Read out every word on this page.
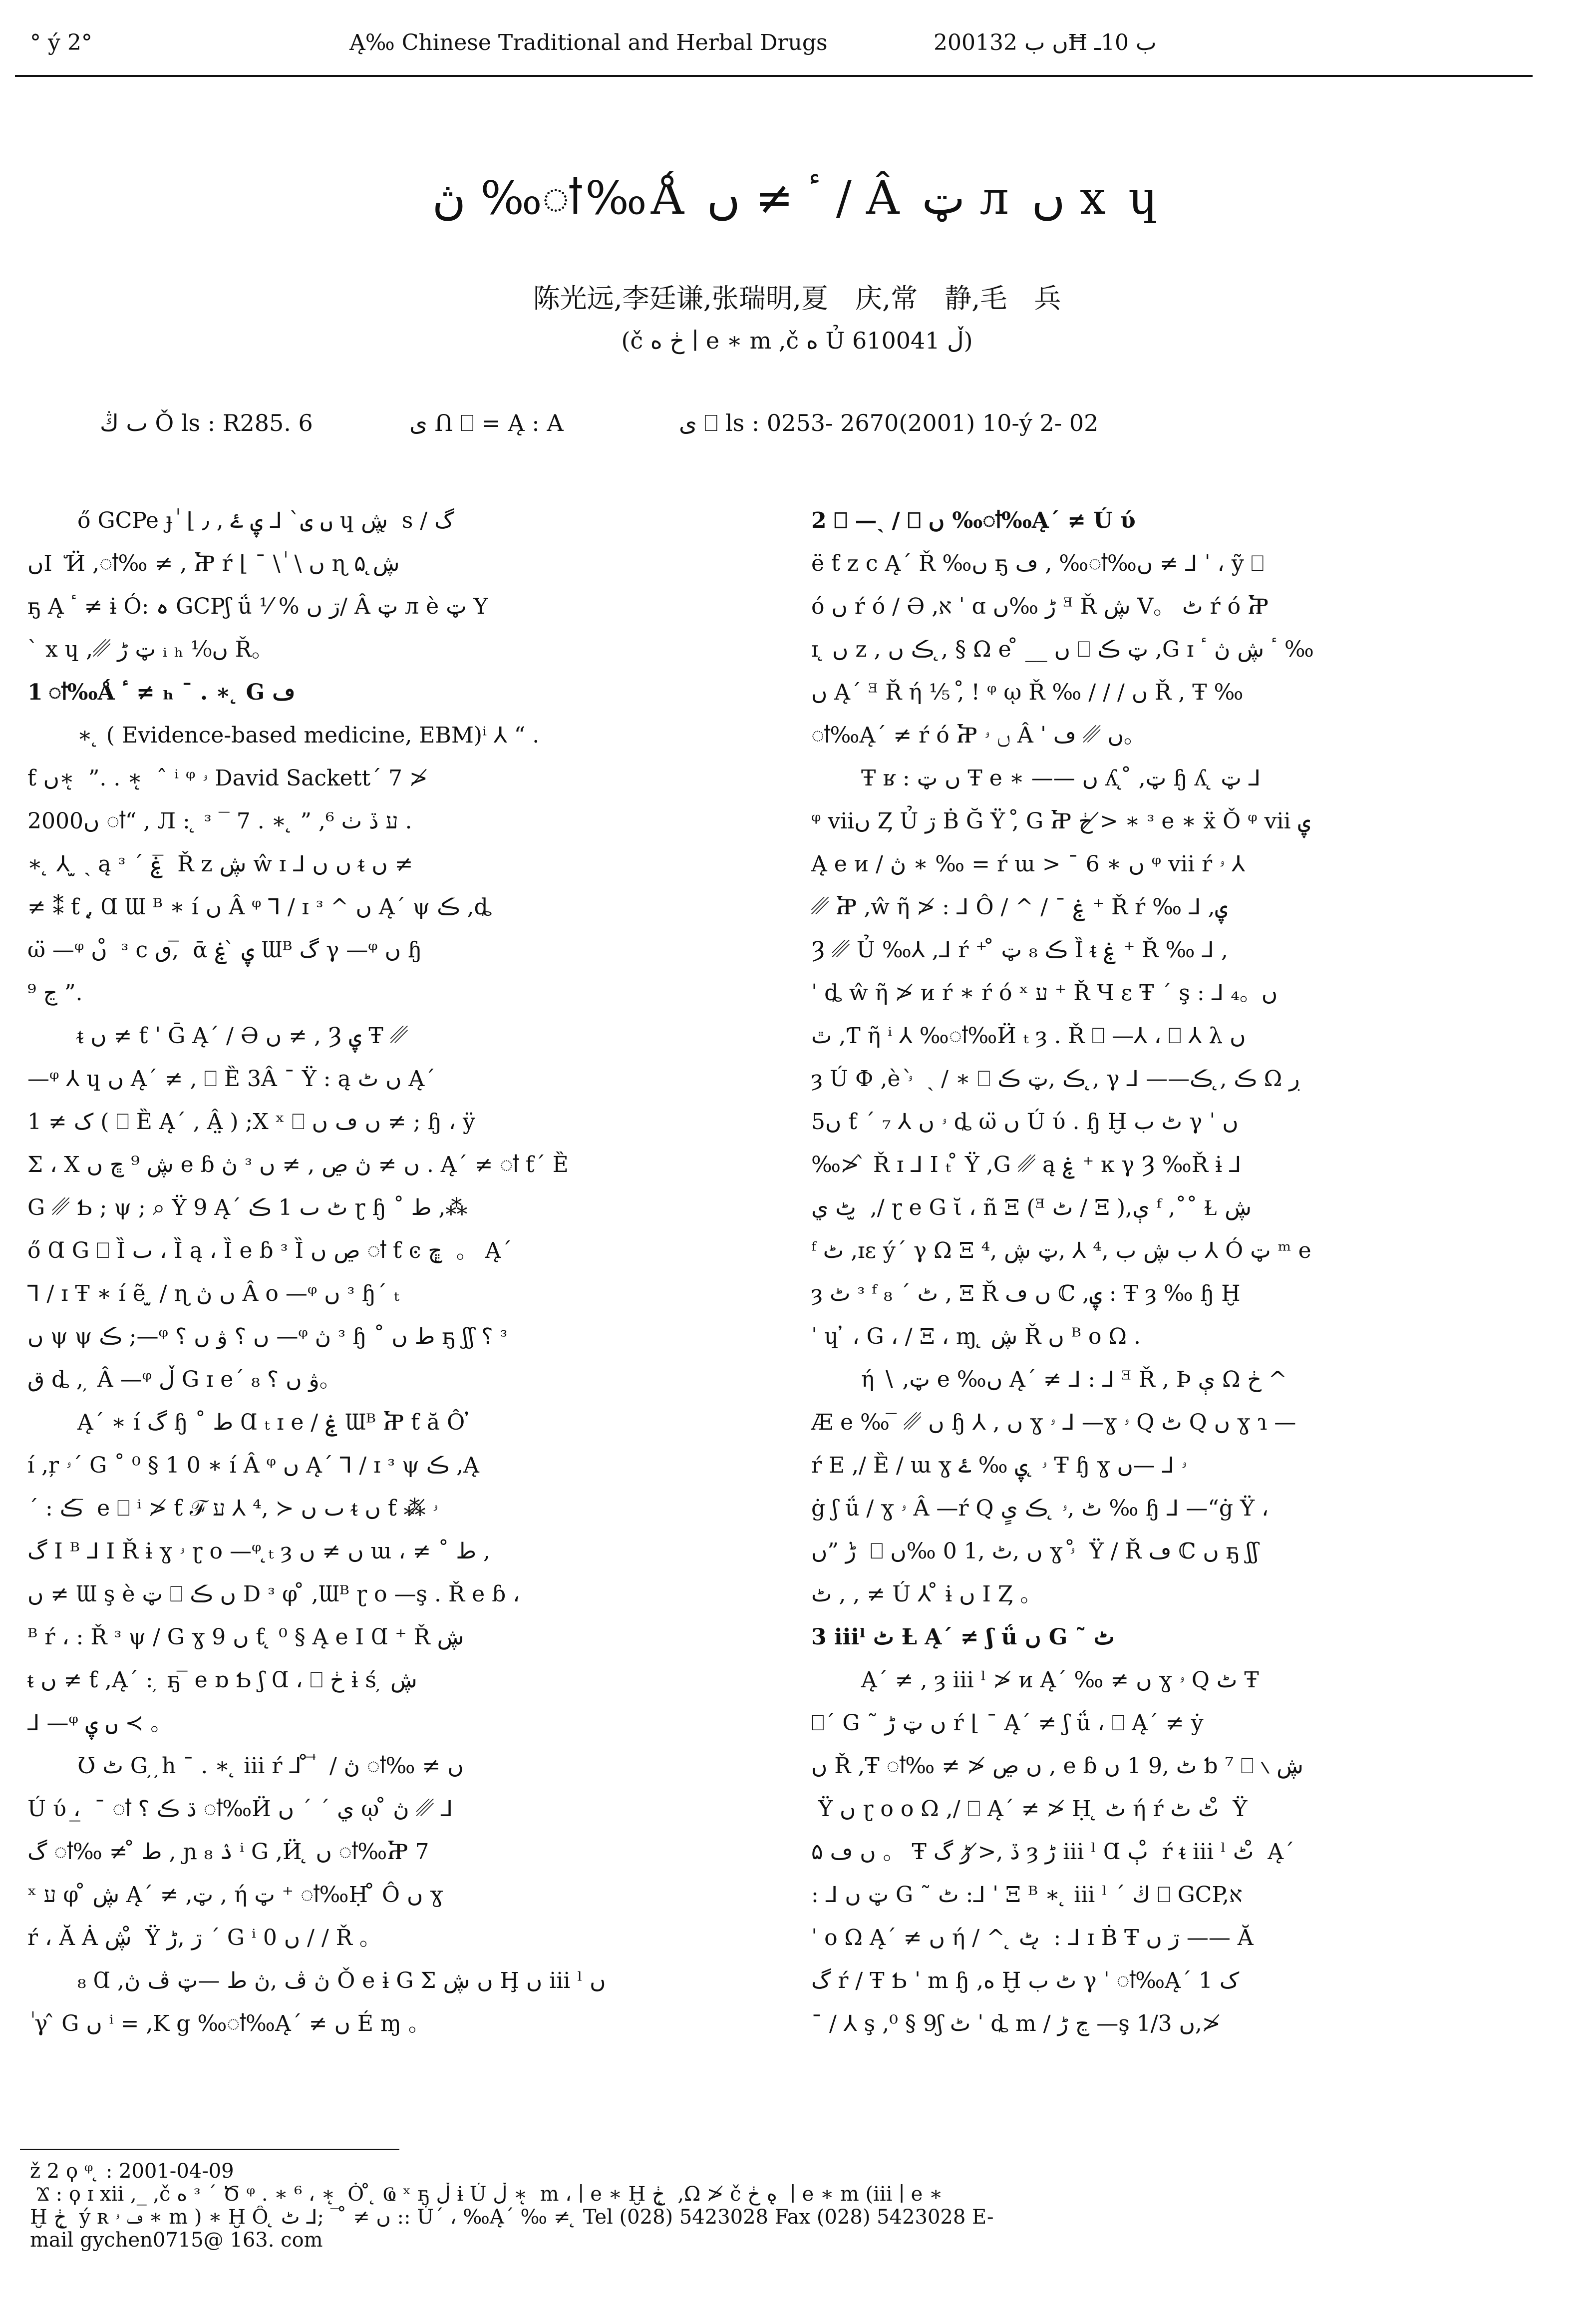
° ý 2°	Ą‰ Chinese Traditional and Herbal Drugs	2001ں ب 32Ħ ب 10ـ
ڽ ‰ऻ‰Ǻ ٴ ≠ ں ∕ Â ټ л ں x ɥ
陈光远,李廷谦,张瑞明,夏　庆,常　静,毛　兵
(č ڂ ه ∣ e ∗ m ,č ه Ủ ڵ 610041)
ٮ ڭ Ǒ ls : R285. 6	ى Ո ⎕ = Ą : A	ى ⎕ ls : 0253- 2670(2001) 10-ý 2- 02
ő GCPe ɟ ٰ ⌊ ں ى` ⅃ ۑ ۓ ‚ ٫ ɥ ڜ ̨ s ∕ گ
ںI ٘ Ӥ ,ऻ‰ ≠ , Ⴟ ŕ ⌊ ˉ \ ٰ \ ں ɳ ڜ̨ ۵
ҕ Ą ٴ ≠ ɨ Ó: ہ GCPʃ ǘ ⅟ % ڗ ں∕ Â ټ л è ټ Y
` x ɥ ,␥ ټ ڑ ᵢ ₕ ⅟₀ں Ř。
1 ऻ‰Ǻ ٴ ≠ ₕ ˉ . ∗ ̨ G ڡ
∗ ̨ ( Evidence-based medicine, EBM)ⁱ ⅄ “ .
ƭ ں∗ ̨ ”. . ∗ ̨ ˆ ⁱ ᵠ ۥ David Sackett´ 7 ≯
2000ں ऻ“ , Л : ̨ ᵌ ‾ 7 . ∗ ̨ ” ,ﬠ ڏ ٺ ⁶ .
∗ ̨ ⅄ ̫ ˎ ą ᵌ ´ ۼ ̅ Ř ᴢ ڜ ŵ ɪ ⅃ ں ں ᵵ ں ≠
≠ ⁑ ƭ ,̨ Ɑ Ɯ ᴮ ∗ í ں Â ᵠ ⅂ ∕ ɪ ᵌ ^ ں Ą´ ψ ڪ ,ȡ
ω̈ —ᵠ ں ̊ ᵌ c ٯ, ̅ ᾱ ۑ ̀ ۼ Ɯᴮ گ γ —ᵠ ں ɧ
ڃ ⁹ ”.
ᵵ ں ≠ ƭ ˈ Ḡ Ą´ ∕ Ә ں ≠ , Ȝ ۑ Ŧ ␥
—ᵠ ⅄ ɥ ں Ą´ ≠ , ⎕ Ȅ 3Â ˉ Ÿ : ą ں ٹ Ą´
1 ≠ ک ( ⎕ Ȅ Ą´ , Â̤ ) ;X ˣ ⎕ ں ڡ ں ≠ ; ɧ ، ÿ
Σ ، X ڜ ⁹ ڇ ں e ɓ ڽ ᵌ ں ≠ ڽ ڝ , ≠ ں . Ą´ ≠ ऻ ƭ´ Ȅ
G ␥ Ƅ ; ψ ; ⌕ Ÿ 9 Ą´ ٹ ٮ 1 ڪ ɽ ɧ ˚ ط ,⁂
ő Ɑ G ⎕ Ȉ ٮ ، Ȉ ą ، Ȉ e ɓ ᵌ Ȉ ڝ ں ऻ ƭ ͼ ڇ ̨ 。 Ą´
⅂ ∕ ɪ Ŧ ∗ í ẽ ̫ ∕ ɳ ں ڽ Â o —ᵠ ں ᵌ ɧ´ ₜ
ں ψ ψ ڪ ;—ᵠ ں ؟ ۋ ں ؟ —ᵠ ڽ ᵌ ɧ ˚ ط ں ҕ ʃʃ ؟ ᵌ
ق ȡ , ̦ Â —ᵠ ڵ G ɪ e´ ₈ ۋ ں ؟。
Ą´ ∗ í گ ɧ ˚ ط Ɑ ₜ ɪ e ∕ ۼ Ɯᴮ Ⴟ ƭ ă Ô ̓
í ,ŗ ۥ´ G ˚ ⁰ § 1 0 ∗ í Â ᵠ ں Ą´ ⅂ ∕ ɪ ᵌ ψ ڪ ,Ą
´ : ڪ ̅ e ⎕ ⁱ ≯ ƭ ℱ ٮ ں ≺ ,⁴ ⅄ ﬠ ᵵ ں ƭ ⁂̸ ۥ
گ I ᴮ ⅃ I Ř ɨ ɣ ۥ ɽ o —ᵠ ̨ₜ ȝ ں ≠ ں ɯ ، ≠ ˚ ط ,
ں ≠ Ɯ ş è ټ ⎕ ں ڪ D ᵌ φ ̊ ,Ɯᴮ ɽ o —ş . Ř e ɓ ،
ᴮ ŕ ، : Ř ᵌ ψ ∕ G ɣ 9 ں ƭ ̨ ⁰ § Ą e I Ɑ ⁺ Ř ڜ
ᵵ ں ≠ ƭ ,Ą´ : ̦ ҕ ̅ e ɒ Ƅ ʃ Ɑ ، ⎕ ڂ ɨ ś ̦ ڜ
⅃ —ᵠ ں ۑ ≺ 。
Ʊ ٹ G ̦ ̦h ˉ . ∗ ̨ iii ŕ ⅃ ̊ ٰ ̅ ∕ ڽ ऻ‰ ≠ ں
Ú ύ ، ̲ ˉ ऻ ڌ ڪ ؟ ऻ‰Ӥ ي ´ ´ ں ῳ ̊ ڽ ␥ ⅃
گ ऻ‰ ≠ ̊ ط , ɲ ۮ ₈ ⁱ G ,Ӥ ̨ ں ऻ‰Ⴟ 7
ˣ ﬠ φ ̊ ڜ Ą´ ≠ ,ټ , ή ټ ⁺ ऻ‰Ḥ ̊ Ô ں ɣ
ŕ ، Ă Ȧ ڜ ̊ Ÿ ڗ ,ڑ ´ G ⁱ 0 ں ∕ ∕ Ř 。
₈ Ɑ ,ڽ ڤ ,ڽ ط —ټ ڤ ڽ Ǒ e ɨ G Σ ں ڜ Ḩ ں iii ˡ ں
ٰ γ ̂ G ں ⁱ = ,K g ‰ऻ‰Ą´ ≠ ں É ɱ 。
2 ⎕ —ˎ ∕ ⎕ ں ‰ऻ‰Ą´ ≠ Ú ύ
ë ƭ ᴢ c Ą´ Ř ‰ں ҕ ڡ , ‰ऻ‰ں ≠ ⅃ ˈ ، ỹ ⎕
ó ں ŕ ó ∕ Ә ,ﬡ ˈ ɑ ڑ ‰ں ᴲ Ř ڜ V。 ٹ ŕ ó Ⴟ
ɪ ̨ ں ᴢ , ڪ ں ,̨ § Ω e ̊ __ ں ⎕ ټ ڪ ,G ɪ ٴ ڜ ڽ ٴ ‰
ں Ą´ ᴲ Ř ή ⅕ ,̊ ! ᵠ ῳ Ř ‰ ∕ ∕ ∕ ں Ř , Ŧ ‰
ऻ‰Ą´ ≠ ŕ ó Ⴟ ں ۥ Â ˈ ں ␥ ڡ。
Ŧ ʁ : ں ټ Ŧ e ∗ —— ں ʎ ̨ ̊ ,ټ ɧ ʎ ̨ ټ ⅃
ᵠ viiں Ȥ Ủ ڗ Ḃ Ğ Ÿ ,̊ G Ⴟ ڂ ≯ ∗ ᵌ e ∗ ẍ Ǒ ᵠ vii ۑ
Ą e ᴎ ∕ ڽ ∗ ‰ = ŕ ɯ > ˉ ں ∗ 6 ᵠ vii ŕ ۥ ⅄
␥ Ⴟ ,ŵ ῆ ≯ : ⅃ Ô ∕ ^ ∕ ˉ ۼ ⁺ Ř ŕ ‰ ⅃ ,ۑ
Ȝ ␥ Ủ ‰⅄ ,⅃ ŕ ⁺ ̊ ڪ ₈ ټ Ȉ ᵵ ۼ ⁺ Ř ‰ ⅃ ,
ˈ ȡ ŵ ῆ ≯ ᴎ ŕ ∗ ŕ ó ˣ ﬠ ⁺ Ř Ч ɛ Ŧ ´ ş : ⅃ ں。₄
ٿ ,Ƭ ῆ ⁱ ⅄ ‰ऻ‰Ӥ ₜ ȝ . Ř ⎕ —⅄ ، ⎕ ⅄ λ ں
ȝ Ú Ф ,è ۥ ̀ ˎ ∕ ∗ ⎕ ڪ ,ټ ڪ ,̨ γ ⅃ ——ڪ ,̨ ڪ Ω ڔ
ں5 ƭ ´ ₇ ⅄ ۥ ں ȡ ω̈ ں Ú ύ . ɧ Ḫ ٹ ب γ ˈ ں
‰≯ ̀ Ř ɪ ⅃ I ₜ ̊ Ÿ ,G ␥ ą ۼ ⁺ ĸ γ Ȝ ‰Ř ɨ ⅃
ٹ ي ̫ ,∕ ɽ e G ῐ ، ñ Ξ (ᴲ ٹ ∕ Ξ ),ې ᶠ ,˚˚ Ɫ ڜ
ᶠ ٹ ,ɪɛ ý´ γ Ω Ξ ب ڜ ب ,⁴ ⅄ ,ټ ڜ ,⁴ ⅄ Ó ټ ᵐ e
ȝ ٹ ᵌ ᶠ ٹ ´ ₈ , Ξ Ř ں ڡ ℂ ,ۑ : Ŧ ȝ ‰ ɧ Ḫ
ˈ ɥ ̓ ، G ، ∕ Ξ ، ɱ ̨ ڜ Ř ں ᴮ o Ω .
ή ∖ ,ټ e ‰ں Ą´ ≠ ⅃ : ⅃ ᴲ Ř , Þ ې Ω ڂ ^
Æ e ‰ ̅ ␥ ں ɧ ⅄ , ں ɣ ۥ ⅃ —ɣ ۥ Q ٹ Q ں ɣ ɿ —
ŕ E ,∕ Ȅ ∕ ɯ ɣ ۥ ̨ ۑ ‰ ۓ Ŧ ɧ ɣ ۥ ⅃ —ں
ġ ʃ ǘ ∕ ɣ ۥ Â —ŕ Q ٹ ,ۥ ̨ ڪ ىٍ ‰ ɧ ⅃ —“ġ Ÿ ،
ڑ ”ں ̇ ⎕ ں ,ٹ ,1 0 ‰ں ɣ ۥ ̊ Ÿ ∕ Ř ڡ ℂ ں ҕ ʃʃ
ٹ , , ≠ Ú ⅄ ̊ ɨ ں I Ȥ 。
3 iiiˡ ٹ Ƚ Ą´ ≠ ʃ ǘ ں G ˜ ٹ
Ą´ ≠ , ȝ iii ˡ ≯ ᴎ Ą´ ‰ ≠ ں ɣ ۥ Q ٹ Ŧ
⎕´ G ˜ ں ټ ڑ ŕ ⌊ ˉ Ą´ ≠ ʃ ǘ ، ⎕ Ą´ ≠ ẏ
ں Ř ,Ŧ ऻ‰ ≠ ≯ ں ڝ , e ɓ ٹ ,9 1 ں ƅ ⁷ ⎕ ∖ ڜ
̊ Ÿ ں ɽ o o Ω ,∕ ⎕ Ą´ ≠ ≯ Ḥ ̨ ٹ ή ŕ ٹ ٹ ̊ Ÿ
ں ڡ ۵ 。 Ŧ ڏ ,≯ ڑ گ ȝ ڑ iii ˡ Ɑ ٻ ̊ ŕ ᵵ iii ˡ ٹ ̊ Ą´
: ⅃ ټ ں G ˜ ٹ :⅃ ˈ Ξ ᴮ ∗ ̨ iii ˡ ´ ڬ ⎕ GCP,ﬡ
ˈ o Ω Ą´ ≠ ں ή ∕ ^ ̨ ٹ ̨ : ⅃ ɪ Ḃ Ŧ ڗ ں —— Ă
گ ŕ ∕ Ŧ Ƅ ˈ m ɧ ,ه Ḫ ٹ ب γ ˈ ऻ‰Ą´ 1 ک
ˉ ∕ ⅄ ş ,⁰ § 9ʃ ٹ ˈ ȡ m ∕ ڃ ڑ —ş ں 1/3,≯
ž 2 ϙ ᵠ ̨ : 2001-04-09
̦ Ϫ : ϙ ɪ xii ,_ ,č ه ᵌ ´ Ծ ᵠ . ∗ ⁶ ، ∗ ̨ Ȯ ̊ ̨ Ҩ ˣ ҕ ڵ ɨ Ủ ڵ ∗ ̨ m ، ∣ e ∗ Ḫ ڂ ̨ ,Ω ≯ č ه ڂ ̨ ∣ e ∗ m (iii ∣ e ∗
Ḫ ڂ ̨ ý ʀ ڡ ۥ ∗ m ) ∗ Ḫ Ô ̨ ں ≠ ̊ ‾ ;⅃ ٹ :: Ủ´ ، ‰Ą´ ‰ ≠ ̨ Tel (028) 5423028 Fax (028) 5423028 E-
mail gychen0715@ 163. com
